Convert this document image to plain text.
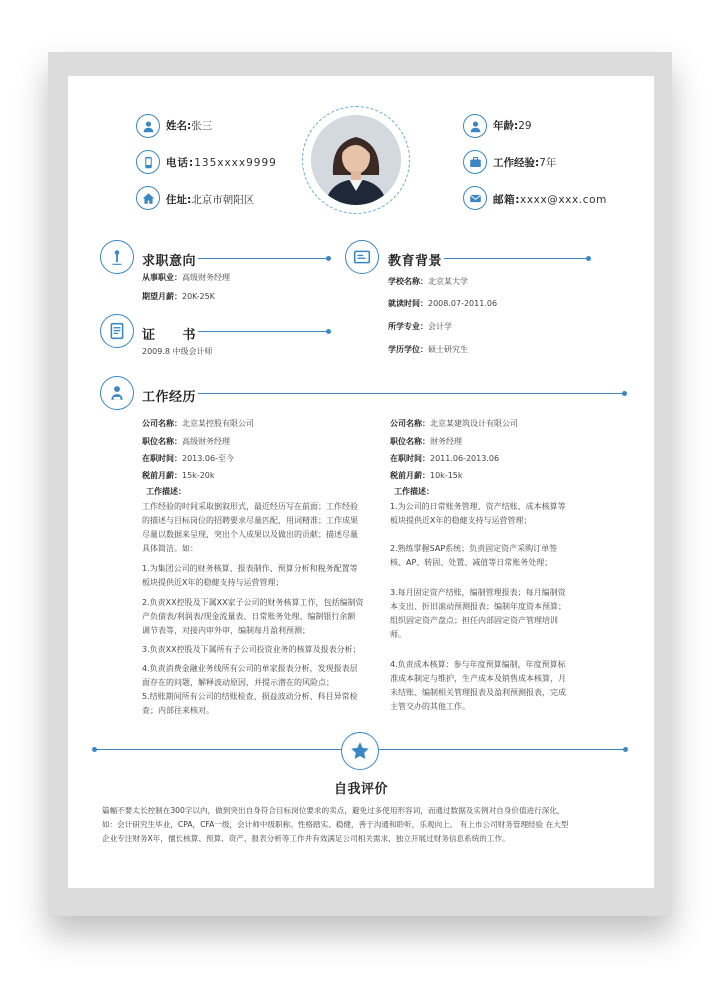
姓名:张三
电话:135xxxx9999
住址:北京市朝阳区
年龄:29
工作经验:7年
邮箱:xxxx@xxx.com
求职意向
从事职业：高级财务经理
期望月薪：20K-25K
证　　书
2009.8 中级会计师
教育背景
学校名称：北京某大学
就读时间：2008.07-2011.06
所学专业：会计学
学历学位：硕士研究生
工作经历
公司名称：北京某控股有限公司
职位名称：高级财务经理
在职时间：2013.06-至今
税前月薪：15k-20k
工作描述：

工作经验的时间采取倒叙形式，最近经历写在前面；工作经验

的描述与目标岗位的招聘要求尽量匹配，用词精准；工作成果

尽量以数据来呈现，突出个人成果以及做出的贡献；描述尽量

具体简洁。如：

1.为集团公司的财务核算、报表制作、预算分析和税务配置等

板块提供近X年的稳健支持与运营管理；

2.负责XX控股及下属XX家子公司的财务核算工作，包括编制资

产负债表/利润表/现金流量表、日常账务处理、编制银行余额

调节表等，对接内审外审，编制每月盈利预测；

3.负责XX控股及下属所有子公司投资业务的核算及报表分析；

4.负责消费金融业务线所有公司的单家报表分析，发现报表层

面存在的问题，解释波动原因，并提示潜在的风险点；

5.结账期间所有公司的结账检查、损益波动分析、科目异常检

查；内部往来核对。

公司名称：北京某建筑设计有限公司
职位名称：财务经理
在职时间：2011.06-2013.06
税前月薪：10k-15k
工作描述：

1.为公司的日常账务管理、资产结账、成本核算等

板块提供近X年的稳健支持与运营管理；

2.熟练掌握SAP系统；负责固定资产采购订单签

核、AP、转固、处置、减值等日常账务处理；

3.每月固定资产结账，编制管理报表；每月编制资

本支出、折旧滚动预测报表；编制年度资本预算；

组织固定资产盘点；担任内部固定资产管理培训

师。

4.负责成本核算：参与年度预算编制，年度预算标

准成本制定与维护，生产成本及销售成本核算，月

末结账、编制相关管理报表及盈利预测报表，完成

主管交办的其他工作。

自我评价

篇幅不要太长控制在300字以内，做到突出自身符合目标岗位要求的卖点，避免过多使用形容词，而通过数据及实例对自身价值进行深化，

如：会计研究生毕业，CPA，CFA一级，会计师中级职称。性格踏实、稳健，善于沟通和聆听，乐观向上。 有上市公司财务管理经验 在大型

企业专注财务X年，擅长核算、预算、资产、报表分析等工作并有效满足公司相关需求，独立开展过财务信息系统的工作。
